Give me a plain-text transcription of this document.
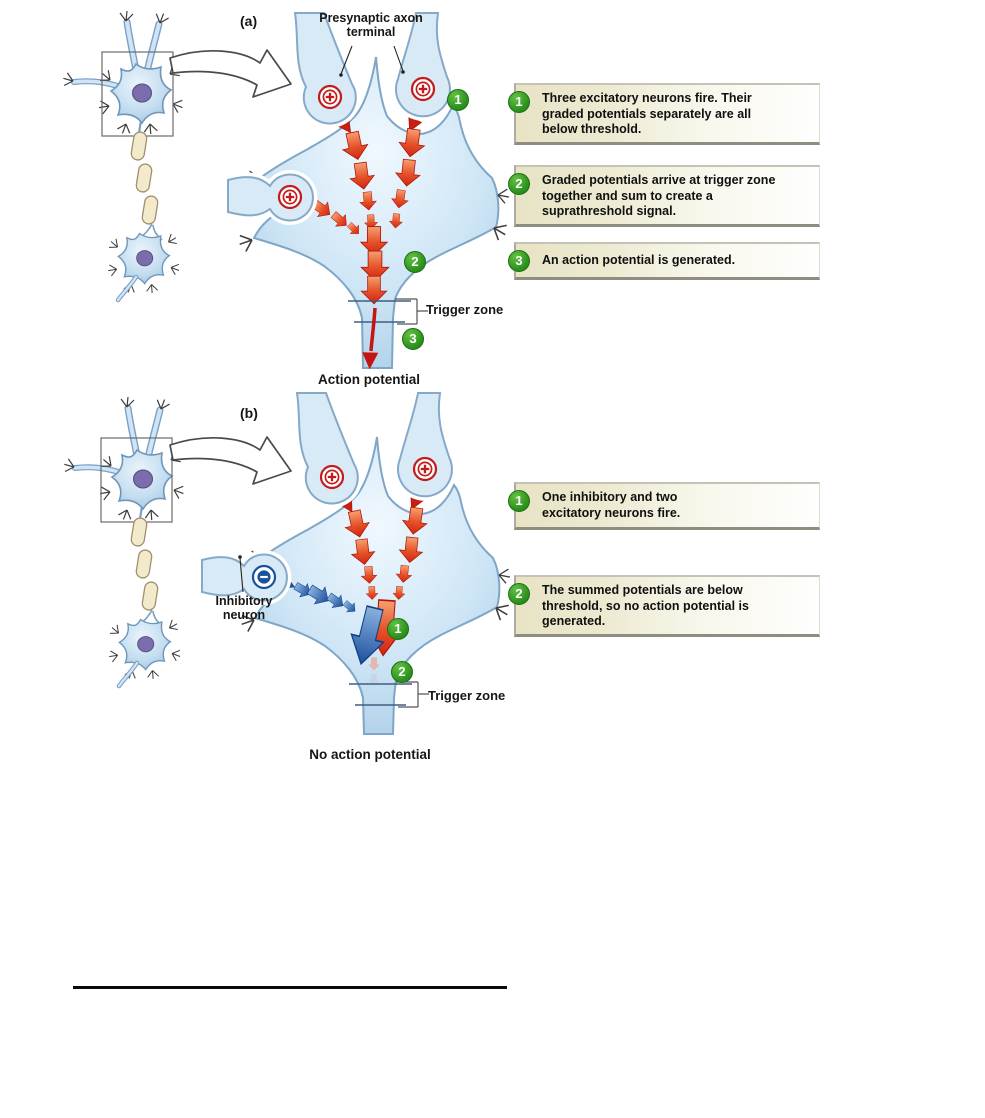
(a)	Presynaptic axon terminal
Trigger zone
Action potential
(b)
Inhibitory neuron
Trigger zone
No action potential
1
2
3
1
2
1	Three excitatory neurons fire. Their graded potentials separately are all below threshold.
2	Graded potentials arrive at trigger zone together and sum to create a suprathreshold signal.
3	An action potential is generated.
1	One inhibitory and two excitatory neurons fire.
2	The summed potentials are below threshold, so no action potential is generated.
